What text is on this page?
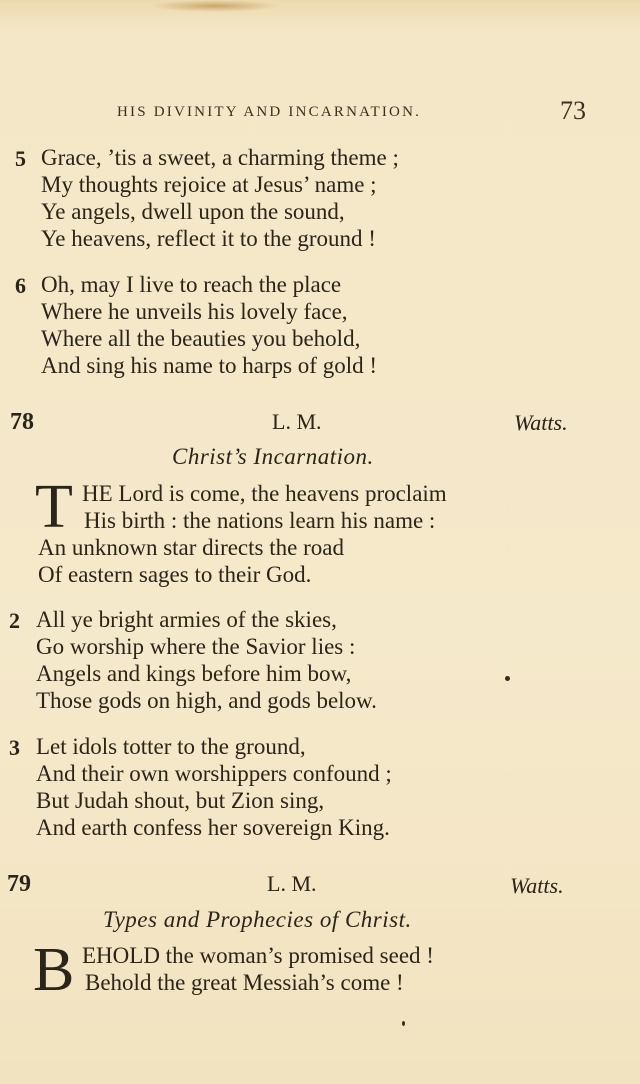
HIS DIVINITY AND INCARNATION.	73
5 Grace, ’tis a sweet, a charming theme ;
My thoughts rejoice at Jesus’ name ;
Ye angels, dwell upon the sound,
Ye heavens, reflect it to the ground !
6 Oh, may I live to reach the place
Where he unveils his lovely face,
Where all the beauties you behold,
And sing his name to harps of gold !
78	L. M.	Watts.
Christ’s Incarnation.
T HE Lord is come, the heavens proclaim
His birth : the nations learn his name :
An unknown star directs the road
Of eastern sages to their God.
2 All ye bright armies of the skies,
Go worship where the Savior lies :
Angels and kings before him bow,
Those gods on high, and gods below.
3 Let idols totter to the ground,
And their own worshippers confound ;
But Judah shout, but Zion sing,
And earth confess her sovereign King.
79	L. M.	Watts.
Types and Prophecies of Christ.
B EHOLD the woman’s promised seed !
Behold the great Messiah’s come !
